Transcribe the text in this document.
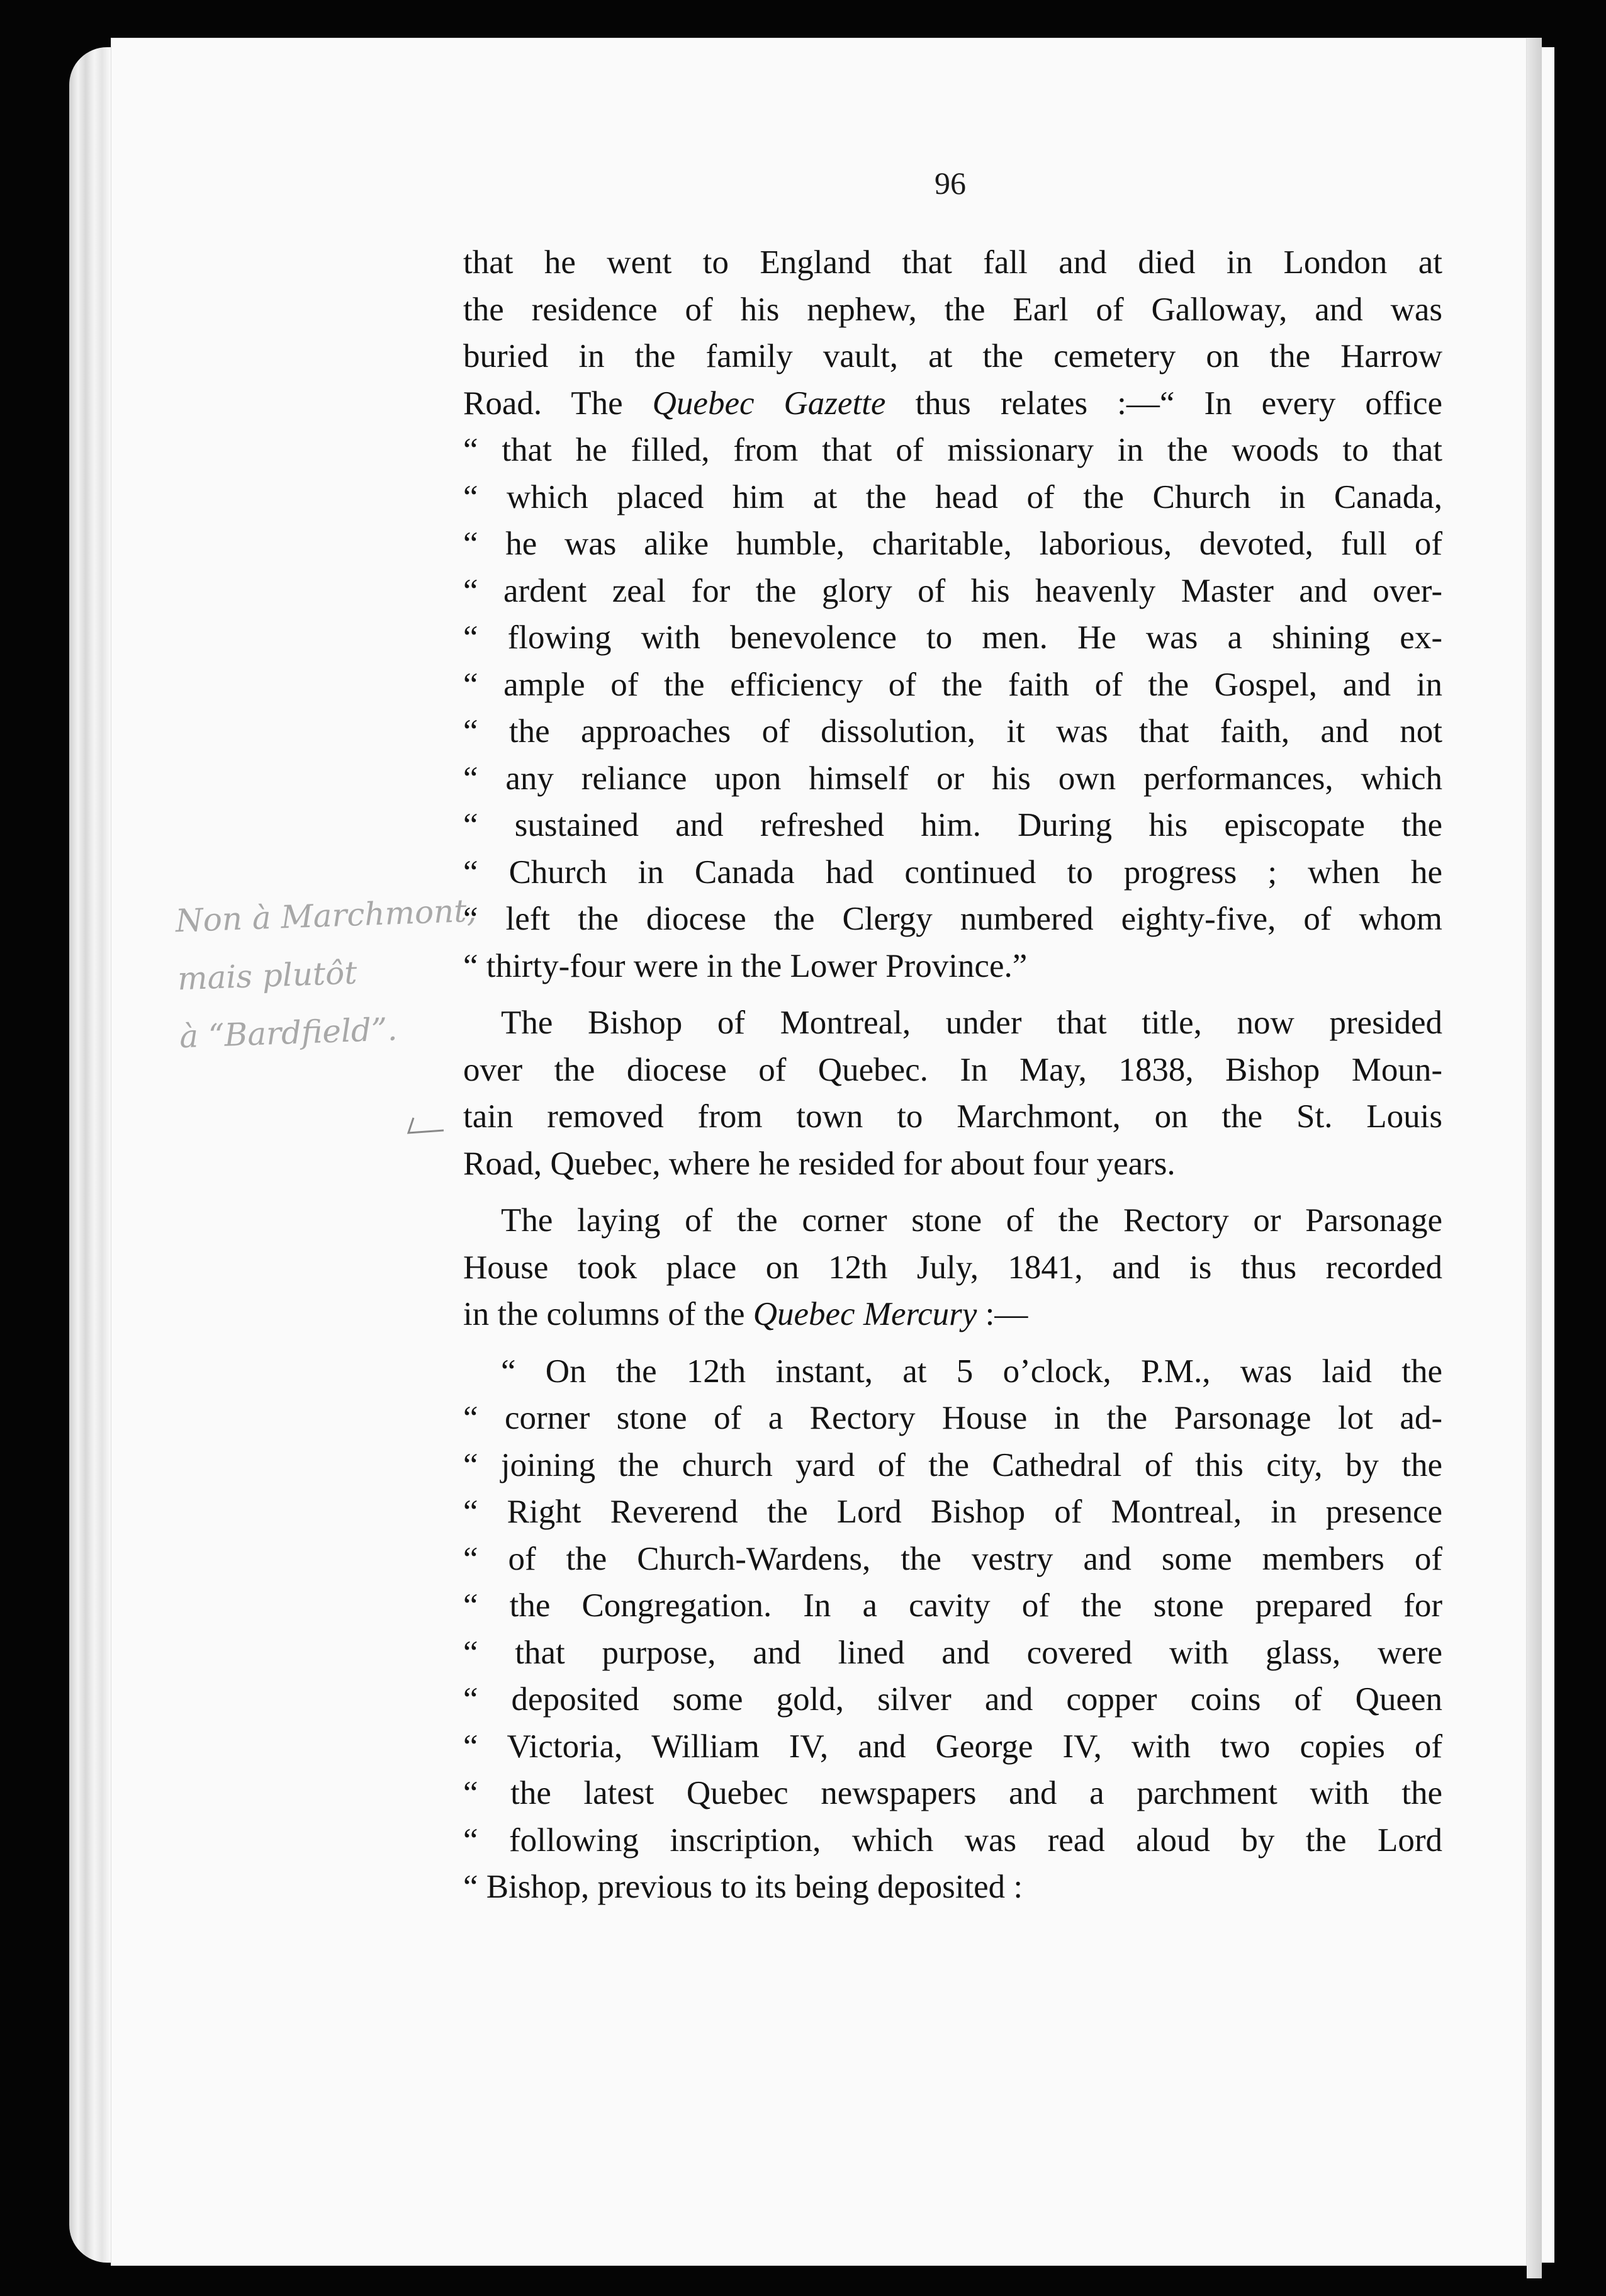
96
that he went to England that fall and died in London at
the residence of his nephew, the Earl of Galloway, and was
buried in the family vault, at the cemetery on the Harrow
Road. The Quebec Gazette thus relates :—“ In every office
“ that he filled, from that of missionary in the woods to that
“ which placed him at the head of the Church in Canada,
“ he was alike humble, charitable, laborious, devoted, full of
“ ardent zeal for the glory of his heavenly Master and over-
“ flowing with benevolence to men. He was a shining ex-
“ ample of the efficiency of the faith of the Gospel, and in
“ the approaches of dissolution, it was that faith, and not
“ any reliance upon himself or his own performances, which
“ sustained and refreshed him. During his episcopate the
“ Church in Canada had continued to progress ; when he
“ left the diocese the Clergy numbered eighty-five, of whom
“ thirty-four were in the Lower Province.”
The Bishop of Montreal, under that title, now presided
over the diocese of Quebec. In May, 1838, Bishop Moun-
tain removed from town to Marchmont, on the St. Louis
Road, Quebec, where he resided for about four years.
The laying of the corner stone of the Rectory or Parsonage
House took place on 12th July, 1841, and is thus recorded
in the columns of the Quebec Mercury :—
“ On the 12th instant, at 5 o’clock, P.M., was laid the
“ corner stone of a Rectory House in the Parsonage lot ad-
“ joining the church yard of the Cathedral of this city, by the
“ Right Reverend the Lord Bishop of Montreal, in presence
“ of the Church-Wardens, the vestry and some members of
“ the Congregation. In a cavity of the stone prepared for
“ that purpose, and lined and covered with glass, were
“ deposited some gold, silver and copper coins of Queen
“ Victoria, William IV, and George IV, with two copies of
“ the latest Quebec newspapers and a parchment with the
“ following inscription, which was read aloud by the Lord
“ Bishop, previous to its being deposited :
Non à Marchmont,
mais plutôt
à “Bardfield”.
